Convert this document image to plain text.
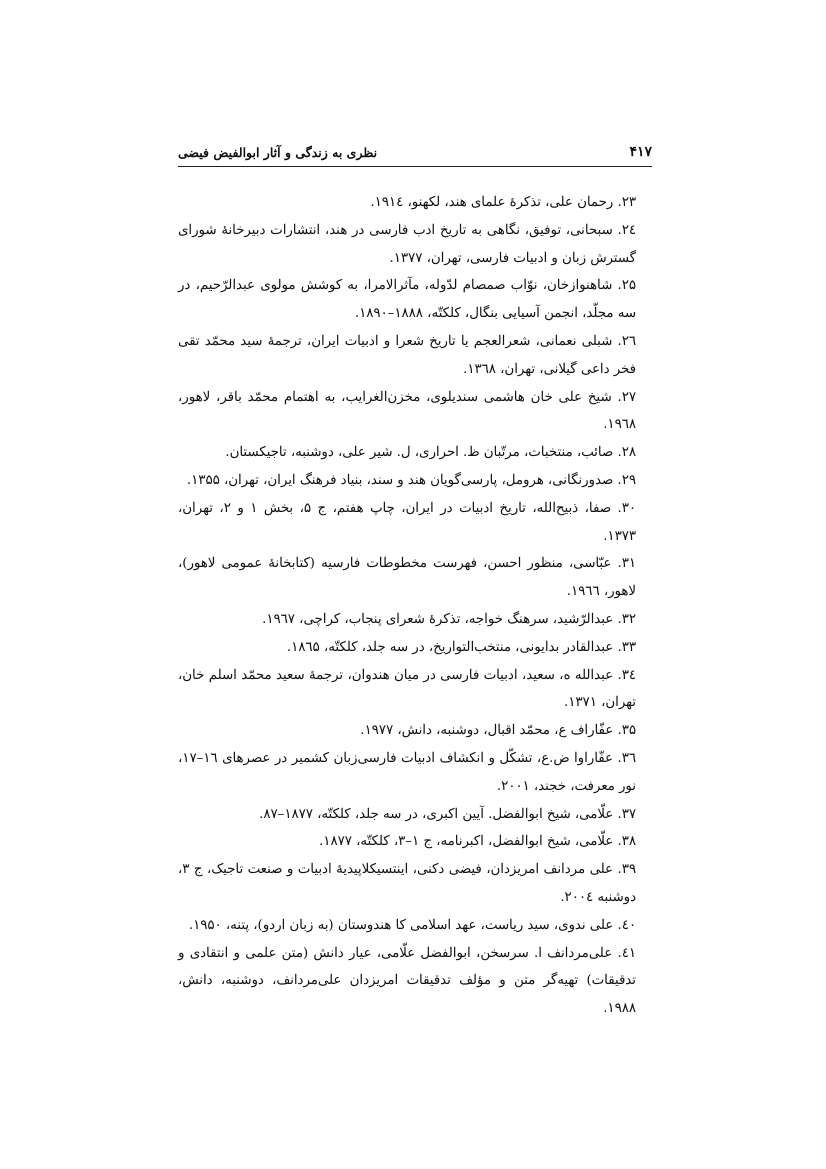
۴۱۷
نظری به زندگی و آثار ابوالفیض فیضی
۲۳. رحمان علی، تذکرۀ علمای هند، لکهنو، ۱۹۱٤.
۲٤. سبحانی، توفیق، نگاهی به تاریخ ادب فارسی در هند، انتشارات دبیرخانۀ شورای گسترش زبان و ادبیات فارسی، تهران، ۱۳۷۷.
۲۵. شاهنوازخان، نوّاب صمصام لدّوله، مآثرالامرا، به کوشش مولوی عبدالرّحیم، در سه مجلّد، انجمن آسیایی بنگال، کلکتّه، ۱۸۸۸–۱۸۹۰.
۲٦. شبلی نعمانی، شعرالعجم یا تاریخ شعرا و ادبیات ایران، ترجمۀ سید محمّد تقی فخر داعی گیلانی، تهران، ۱۳٦۸.
۲۷. شیخ علی خان هاشمی سندیلوی، مخزن‌الغرایب، به اهتمام محمّد باقر، لاهور، ۱۹٦۸.
۲۸. صائب، منتخبات، مرتّبان ظ. احراری، ل. شیر علی، دوشنبه، تاجیکستان.
۲۹. صدورنگانی، هرومل، پارسی‌گویان هند و سند، بنیاد فرهنگ ایران، تهران، ۱۳۵۵.
۳۰. صفا، ذبیح‌الله، تاریخ ادبیات در ایران، چاپ هفتم، ج ۵، بخش ۱ و ۲، تهران، ۱۳۷۳.
۳۱. عبّاسی، منظور احسن، فهرست مخطوطات فارسیه (کتابخانۀ عمومی لاهور)، لاهور، ۱۹٦٦.
۳۲. عبدالرّشید، سرهنگ خواجه، تذکرۀ شعرای پنجاب، کراچی، ۱۹٦۷.
۳۳. عبدالقادر بدایونی، منتخب‌التواریخ، در سه جلد، کلکتّه، ۱۸٦۵.
۳٤. عبدالله ه، سعید، ادبیات فارسی در میان هندوان، ترجمۀ سعید محمّد اسلم خان، تهران، ۱۳۷۱.
۳۵. عفّاراف ع، محمّد اقبال، دوشنبه، دانش، ۱۹۷۷.
۳٦. عفّاراوا ض.ع، تشکّل و انکشاف ادبیات فارسی‌زبان کشمیر در عصرهای ۱٦–۱۷، نور معرفت، خجند، ۲۰۰۱.
۳۷. علّامی، شیخ ابوالفضل. آیین اکبری، در سه جلد، کلکتّه، ۱۸۷۷–۸۷.
۳۸. علّامی، شیخ ابوالفضل، اکبرنامه، ج ۱–۳، کلکتّه، ۱۸۷۷.
۳۹. علی مردانف امریزدان، فیضی دکنی، اینتسیکلاپیدیۀ ادبیات و صنعت تاجیک، ج ۳، دوشنبه ۲۰۰٤.
٤۰. علی ندوی، سید ریاست، عهد اسلامی کا هندوستان (به زبان اردو)، پتنه، ۱۹۵۰.
٤۱. علی‌مردانف ا. سرسخن، ابوالفضل علّامی، عیار دانش (متن علمی و انتقادی و تدقیقات) تهیه‌گر متن و مؤلف تدقیقات امریزدان علی‌مردانف، دوشنبه، دانش، ۱۹۸۸.
